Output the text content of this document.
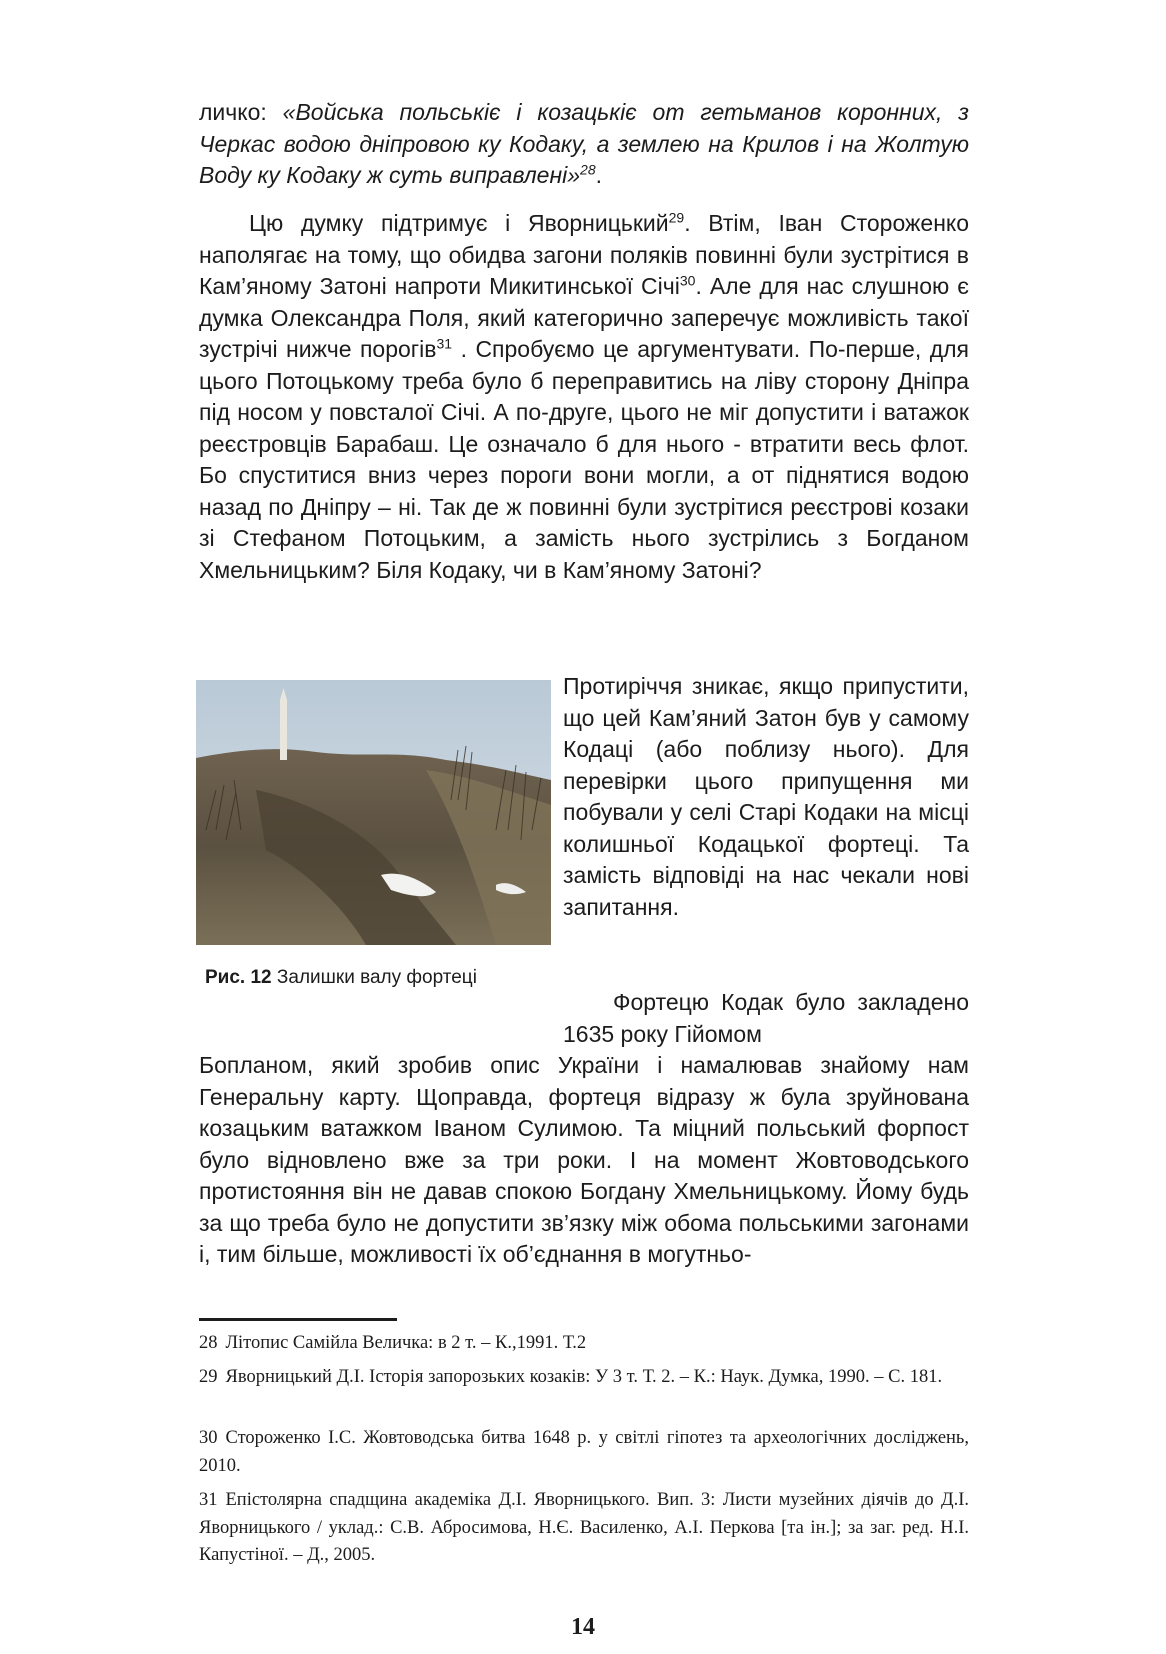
личко: «Войська польськіє і козацькіє от гетьманов коронних, з Черкас водою дніпровою ку Кодаку, а землею на Крилов і на Жолтую Воду ку Кодаку ж суть виправлені»$^{28}$.

Цю думку підтримує і Яворницький$^{29}$. Втім, Іван Стороженко наполягає на тому, що обидва загони поляків повинні були зустрітися в Кам’яному Затоні напроти Микитинської Січі$^{30}$. Але для нас слушною є думка Олександра Поля, який категорично заперечує можливість такої зустрічі нижче порогів$^{31}$ . Спробуємо це аргументувати. По-перше, для цього Потоцькому треба було б переправитись на ліву сторону Дніпра під носом у повсталої Січі. А по-друге, цього не міг допустити і ватажок реєстровців Барабаш. Це означало б для нього - втратити весь флот. Бо спуститися вниз через пороги вони могли, а от піднятися водою назад по Дніпру – ні. Так де ж повинні були зустрітися реєстрові козаки зі Стефаном Потоцьким, а замість нього зустрілись з Богданом Хмельницьким? Біля Кодаку, чи в Кам’яному Затоні?

Рис. 12 Залишки валу фортеці

Протиріччя зникає, якщо припустити, що цей Кам’яний Затон був у самому Кодаці (або поблизу нього). Для перевірки цього припущення ми побували у селі Старі Кодаки на місці колишньої Кодацької фортеці. Та замість відповіді на нас чекали нові запитання.

Фортецю Кодак було закладено 1635 року Гійомом

Бопланом, який зробив опис України і намалював знайому нам Генеральну карту. Щоправда, фортеця відразу ж була зруйнована козацьким ватажком Іваном Сулимою. Та міцний польський форпост було відновлено вже за три роки. І на момент Жовтоводського протистояння він не давав спокою Богдану Хмельницькому. Йому будь за що треба було не допустити зв’язку між обома польськими загонами і, тим більше, можливості їх об’єднання в могутньо-

28 Літопис Самійла Величка: в 2 т. – К.,1991. Т.2
29 Яворницький Д.І. Історія запорозьких козаків: У 3 т. Т. 2. – К.: Наук. Думка, 1990. – С. 181.
30 Стороженко І.С. Жовтоводська битва 1648 р. у світлі гіпотез та археологічних досліджень, 2010.
31 Епістолярна спадщина академіка Д.І. Яворницького. Вип. 3: Листи музейних діячів до Д.І. Яворницького / уклад.: С.В. Абросимова, Н.Є. Василенко, А.І. Перкова [та ін.]; за заг. ред. Н.І. Капустіної. – Д., 2005.
14
